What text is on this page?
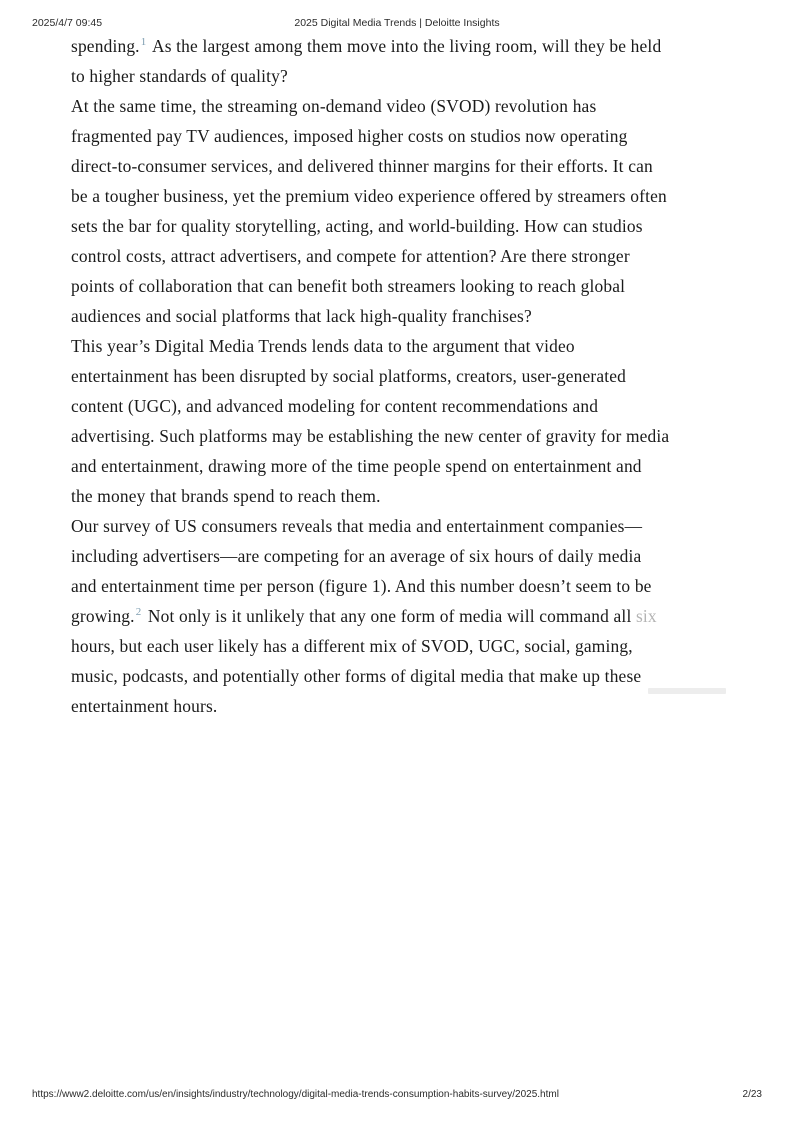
2025/4/7 09:45	2025 Digital Media Trends | Deloitte Insights
spending.$^1$ As the largest among them move into the living room, will they be held
to higher standards of quality?
At the same time, the streaming on-demand video (SVOD) revolution has
fragmented pay TV audiences, imposed higher costs on studios now operating
direct-to-consumer services, and delivered thinner margins for their efforts. It can
be a tougher business, yet the premium video experience offered by streamers often
sets the bar for quality storytelling, acting, and world-building. How can studios
control costs, attract advertisers, and compete for attention? Are there stronger
points of collaboration that can benefit both streamers looking to reach global
audiences and social platforms that lack high-quality franchises?
This year’s Digital Media Trends lends data to the argument that video
entertainment has been disrupted by social platforms, creators, user-generated
content (UGC), and advanced modeling for content recommendations and
advertising. Such platforms may be establishing the new center of gravity for media
and entertainment, drawing more of the time people spend on entertainment and
the money that brands spend to reach them.
Our survey of US consumers reveals that media and entertainment companies—
including advertisers—are competing for an average of six hours of daily media
and entertainment time per person (figure 1). And this number doesn’t seem to be
growing.$^2$ Not only is it unlikely that any one form of media will command all six
hours, but each user likely has a different mix of SVOD, UGC, social, gaming,
music, podcasts, and potentially other forms of digital media that make up these
entertainment hours.
https://www2.deloitte.com/us/en/insights/industry/technology/digital-media-trends-consumption-habits-survey/2025.html	2/23
